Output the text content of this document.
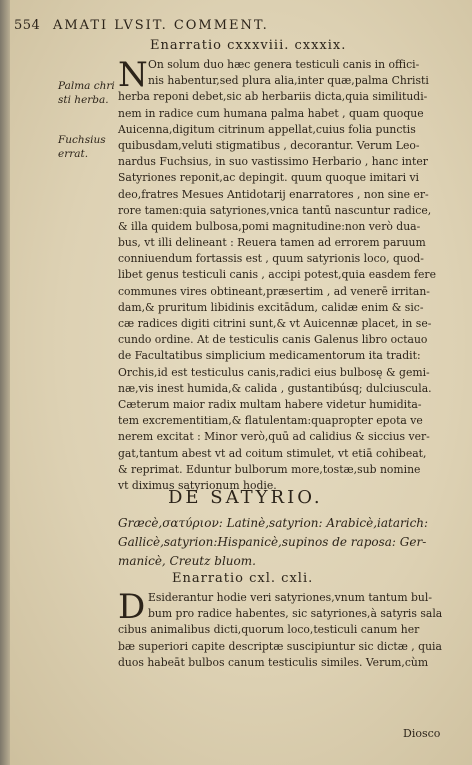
554 AMATI LVSIT. COMMENT.
Enarratio cxxxviii. cxxxix.
N
Palma chri
sti herba.
Fuchsius
errat.
On solum duo hæc genera testiculi canis in offici-
nis habentur,sed plura alia,inter quæ,palma Christi
herba reponi debet,sic ab herbariis dicta,quia similitudi-
nem in radice cum humana palma habet , quam quoque
Auicenna,digitum citrinum appellat,cuius folia punctis
quibusdam,veluti stigmatibus , decorantur. Verum Leo-
nardus Fuchsius, in suo vastissimo Herbario , hanc inter
Satyriones reponit,ac depingit. quum quoque imitari vi
deo,fratres Mesues Antidotarij enarratores , non sine er-
rore tamen:quia satyriones,vnica tantū nascuntur radice,
& illa quidem bulbosa,pomi magnitudine:non verò dua-
bus, vt illi delineant : Reuera tamen ad errorem paruum
conniuendum fortassis est , quum satyrionis loco, quod-
libet genus testiculi canis , accipi potest,quia easdem fere
communes vires obtineant,præsertim , ad venerē irritan-
dam,& pruritum libidinis excitādum, calidæ enim & sic-
cæ radices digiti citrini sunt,& vt Auicennæ placet, in se-
cundo ordine. At de testiculis canis Galenus libro octauo
de Facultatibus simplicium medicamentorum ita tradit:
Orchis,id est testiculus canis,radici eius bulbosę & gemi-
næ,vis inest humida,& calida , gustantibúsq; dulciuscula.
Cæterum maior radix multam habere videtur humidita-
tem excrementitiam,& flatulentam:quapropter epota ve
nerem excitat : Minor verò,quū ad calidius & siccius ver-
gat,tantum abest vt ad coitum stimulet, vt etiā cohibeat,
& reprimat. Eduntur bulborum more,tostæ,sub nomine
vt diximus satyrionum hodie.
DE SATYRIO.
Græcè,σατύριον: Latinè,satyrion: Arabicè,iatarich:
Gallicè,satyrion:Hispanicè,supinos de raposa: Ger-
manicè, Creutz bluom.
Enarratio cxl. cxli.
D Esiderantur hodie veri satyriones,vnum tantum bul-
bum pro radice habentes, sic satyriones,à satyris sala
cibus animalibus dicti,quorum loco,testiculi canum her
bæ superiori capite descriptæ suscipiuntur sic dictæ , quia
duos habeāt bulbos canum testiculis similes. Verum,cùm
Diosco
